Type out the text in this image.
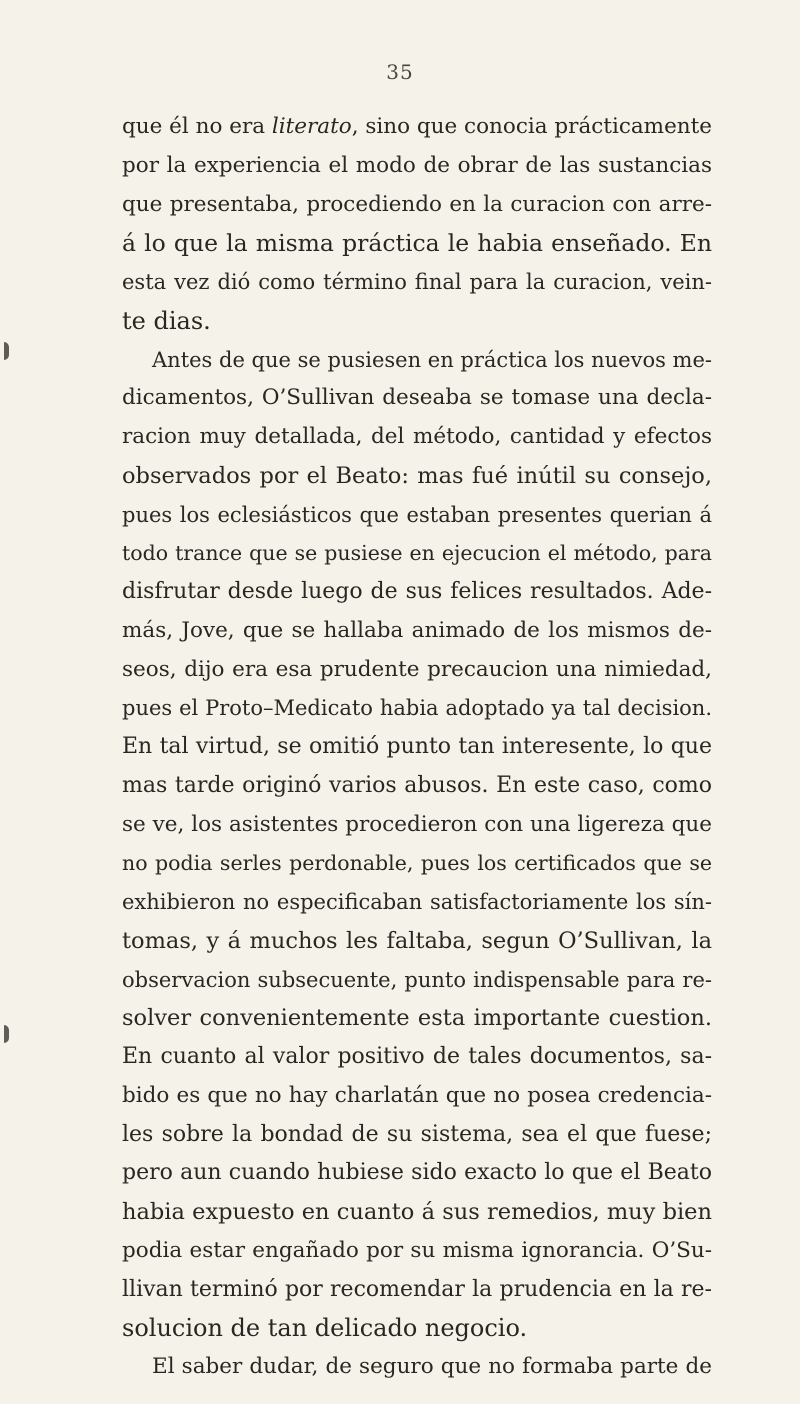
35
que él no era literato, sino que conocia prácticamente
por la experiencia el modo de obrar de las sustancias
que presentaba, procediendo en la curacion con arre-
á lo que la misma práctica le habia enseñado. En
esta vez dió como término final para la curacion, vein-
te dias.
Antes de que se pusiesen en práctica los nuevos me-
dicamentos, O’Sullivan deseaba se tomase una decla-
racion muy detallada, del método, cantidad y efectos
observados por el Beato: mas fué inútil su consejo,
pues los eclesiásticos que estaban presentes querian á
todo trance que se pusiese en ejecucion el método, para
disfrutar desde luego de sus felices resultados. Ade-
más, Jove, que se hallaba animado de los mismos de-
seos, dijo era esa prudente precaucion una nimiedad,
pues el Proto–Medicato habia adoptado ya tal decision.
En tal virtud, se omitió punto tan interesente, lo que
mas tarde originó varios abusos. En este caso, como
se ve, los asistentes procedieron con una ligereza que
no podia serles perdonable, pues los certificados que se
exhibieron no especificaban satisfactoriamente los sín-
tomas, y á muchos les faltaba, segun O’Sullivan, la
observacion subsecuente, punto indispensable para re-
solver convenientemente esta importante cuestion.
En cuanto al valor positivo de tales documentos, sa-
bido es que no hay charlatán que no posea credencia-
les sobre la bondad de su sistema, sea el que fuese;
pero aun cuando hubiese sido exacto lo que el Beato
habia expuesto en cuanto á sus remedios, muy bien
podia estar engañado por su misma ignorancia. O’Su-
llivan terminó por recomendar la prudencia en la re-
solucion de tan delicado negocio.
El saber dudar, de seguro que no formaba parte de
